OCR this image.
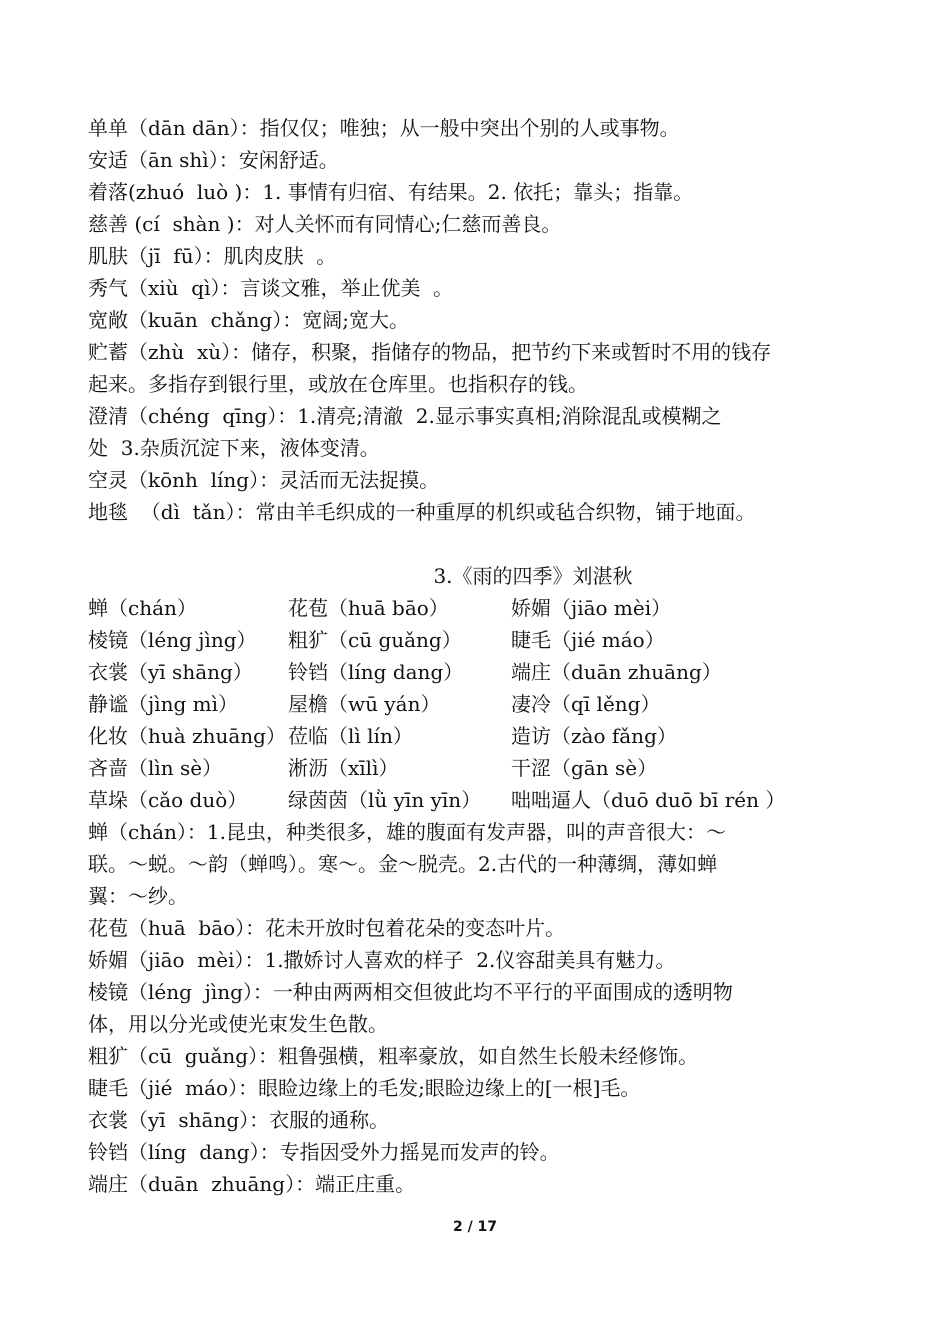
单单（dān dān）：指仅仅；唯独；从一般中突出个别的人或事物。
安适（ān shì）：安闲舒适。
着落(zhuó  luò )：1. 事情有归宿、有结果。2. 依托；靠头；指靠。
慈善 (cí  shàn )：对人关怀而有同情心;仁慈而善良。
肌肤（jī  fū）：肌肉皮肤  。
秀气（xiù  qì）：言谈文雅，举止优美  。
宽敞（kuān  chǎng）：宽阔;宽大。
贮蓄（zhù  xù）：储存，积聚，指储存的物品，把节约下来或暂时不用的钱存
起来。多指存到银行里，或放在仓库里。也指积存的钱。
澄清（chéng  qīng）：1.清亮;清澈  2.显示事实真相;消除混乱或模糊之
处  3.杂质沉淀下来，液体变清。
空灵（kōnh  líng）：灵活而无法捉摸。
地毯  （dì  tǎn）：常由羊毛织成的一种重厚的机织或毡合织物，铺于地面。
3.《雨的四季》刘湛秋
蝉（chán）	花苞（huā bāo）	娇媚（jiāo mèi）
棱镜（léng jìng）	粗犷（cū guǎng）	睫毛（jié máo）
衣裳（yī shāng）	铃铛（líng dang）	端庄（duān zhuāng）
静谧（jìng mì）	屋檐（wū yán）	凄冷（qī lěng）
化妆（huà zhuāng） 莅临（lì lín）	造访（zào fǎng）
吝啬（lìn sè）	淅沥（xīlì）	干涩（gān sè）
草垛（cǎo duò）	绿茵茵（lǜ yīn yīn）	咄咄逼人（duō duō bī rén ）
蝉（chán）：1.昆虫，种类很多，雄的腹面有发声器，叫的声音很大：～
联。～蜕。～韵（蝉鸣）。寒～。金～脱壳。2.古代的一种薄绸，薄如蝉
翼：～纱。
花苞（huā  bāo）：花未开放时包着花朵的变态叶片。
娇媚（jiāo  mèi）：1.撒娇讨人喜欢的样子  2.仪容甜美具有魅力。
棱镜（léng  jìng）：一种由两两相交但彼此均不平行的平面围成的透明物
体，用以分光或使光束发生色散。
粗犷（cū  guǎng）：粗鲁强横，粗率豪放，如自然生长般未经修饰。
睫毛（jié  máo）：眼睑边缘上的毛发;眼睑边缘上的[一根]毛。
衣裳（yī  shāng）：衣服的通称。
铃铛（líng  dang）：专指因受外力摇晃而发声的铃。
端庄（duān  zhuāng）：端正庄重。
2 / 17
